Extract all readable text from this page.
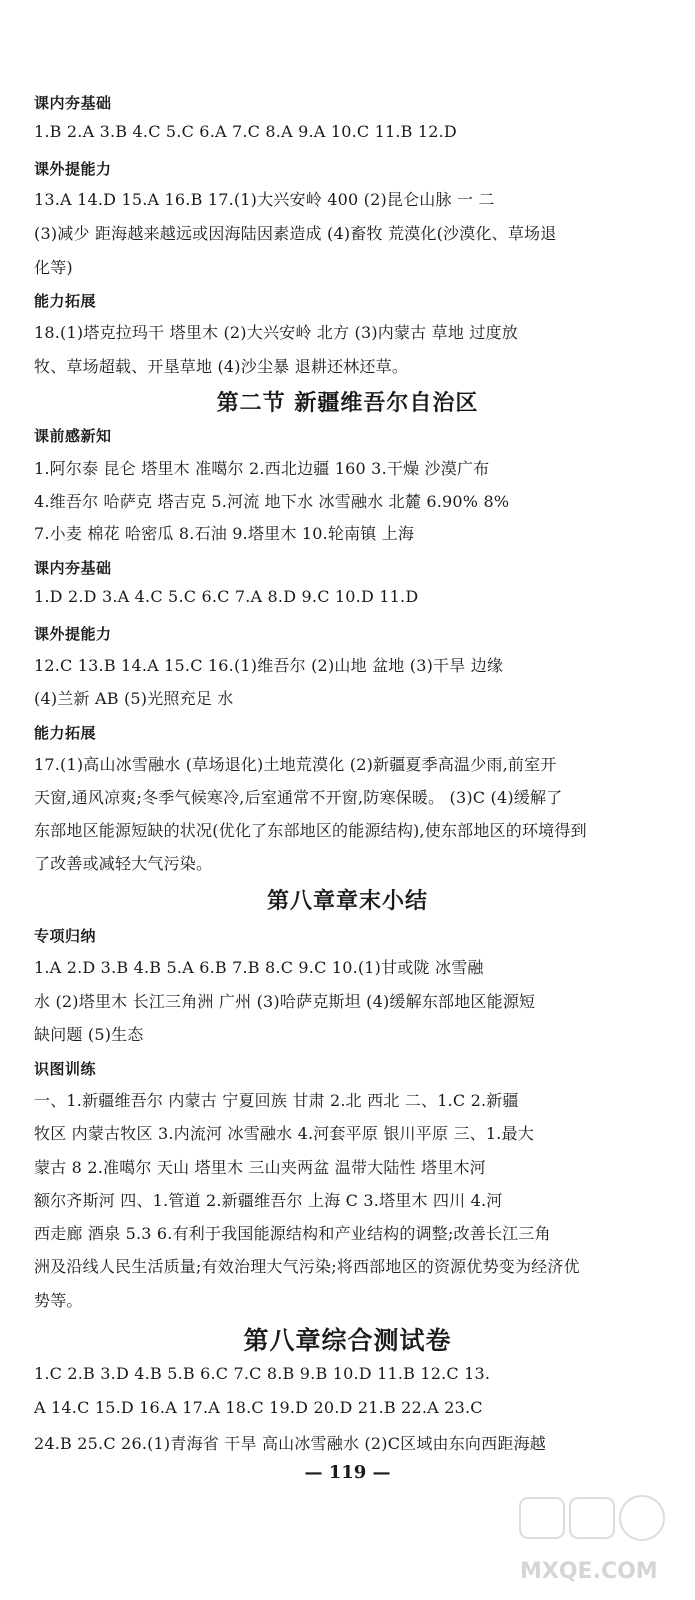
课内夯基础
1.B 2.A 3.B 4.C 5.C 6.A 7.C 8.A 9.A 10.C 11.B 12.D
课外提能力
13.A 14.D 15.A 16.B 17.(1)大兴安岭 400 (2)昆仑山脉 一 二
(3)减少 距海越来越远或因海陆因素造成 (4)畜牧 荒漠化(沙漠化、草场退
化等)
能力拓展
18.(1)塔克拉玛干 塔里木 (2)大兴安岭 北方 (3)内蒙古 草地 过度放
牧、草场超载、开垦草地 (4)沙尘暴 退耕还林还草。
第二节 新疆维吾尔自治区
课前感新知
1.阿尔泰 昆仑 塔里木 准噶尔 2.西北边疆 160 3.干燥 沙漠广布
4.维吾尔 哈萨克 塔吉克 5.河流 地下水 冰雪融水 北麓 6.90% 8%
7.小麦 棉花 哈密瓜 8.石油 9.塔里木 10.轮南镇 上海
课内夯基础
1.D 2.D 3.A 4.C 5.C 6.C 7.A 8.D 9.C 10.D 11.D
课外提能力
12.C 13.B 14.A 15.C 16.(1)维吾尔 (2)山地 盆地 (3)干旱 边缘
(4)兰新 AB (5)光照充足 水
能力拓展
17.(1)高山冰雪融水 (草场退化)土地荒漠化 (2)新疆夏季高温少雨,前室开
天窗,通风凉爽;冬季气候寒冷,后室通常不开窗,防寒保暖。 (3)C (4)缓解了
东部地区能源短缺的状况(优化了东部地区的能源结构),使东部地区的环境得到
了改善或减轻大气污染。
第八章章末小结
专项归纳
1.A 2.D 3.B 4.B 5.A 6.B 7.B 8.C 9.C 10.(1)甘或陇 冰雪融
水 (2)塔里木 长江三角洲 广州 (3)哈萨克斯坦 (4)缓解东部地区能源短
缺问题 (5)生态
识图训练
一、1.新疆维吾尔 内蒙古 宁夏回族 甘肃 2.北 西北 二、1.C 2.新疆
牧区 内蒙古牧区 3.内流河 冰雪融水 4.河套平原 银川平原 三、1.最大
蒙古 8 2.准噶尔 天山 塔里木 三山夹两盆 温带大陆性 塔里木河
额尔齐斯河 四、1.管道 2.新疆维吾尔 上海 C 3.塔里木 四川 4.河
西走廊 酒泉 5.3 6.有利于我国能源结构和产业结构的调整;改善长江三角
洲及沿线人民生活质量;有效治理大气污染;将西部地区的资源优势变为经济优
势等。
第八章综合测试卷
1.C 2.B 3.D 4.B 5.B 6.C 7.C 8.B 9.B 10.D 11.B 12.C 13.
A 14.C 15.D 16.A 17.A 18.C 19.D 20.D 21.B 22.A 23.C
24.B 25.C 26.(1)青海省 干旱 高山冰雪融水 (2)C区域由东向西距海越
— 119 —
MXQE.COM
